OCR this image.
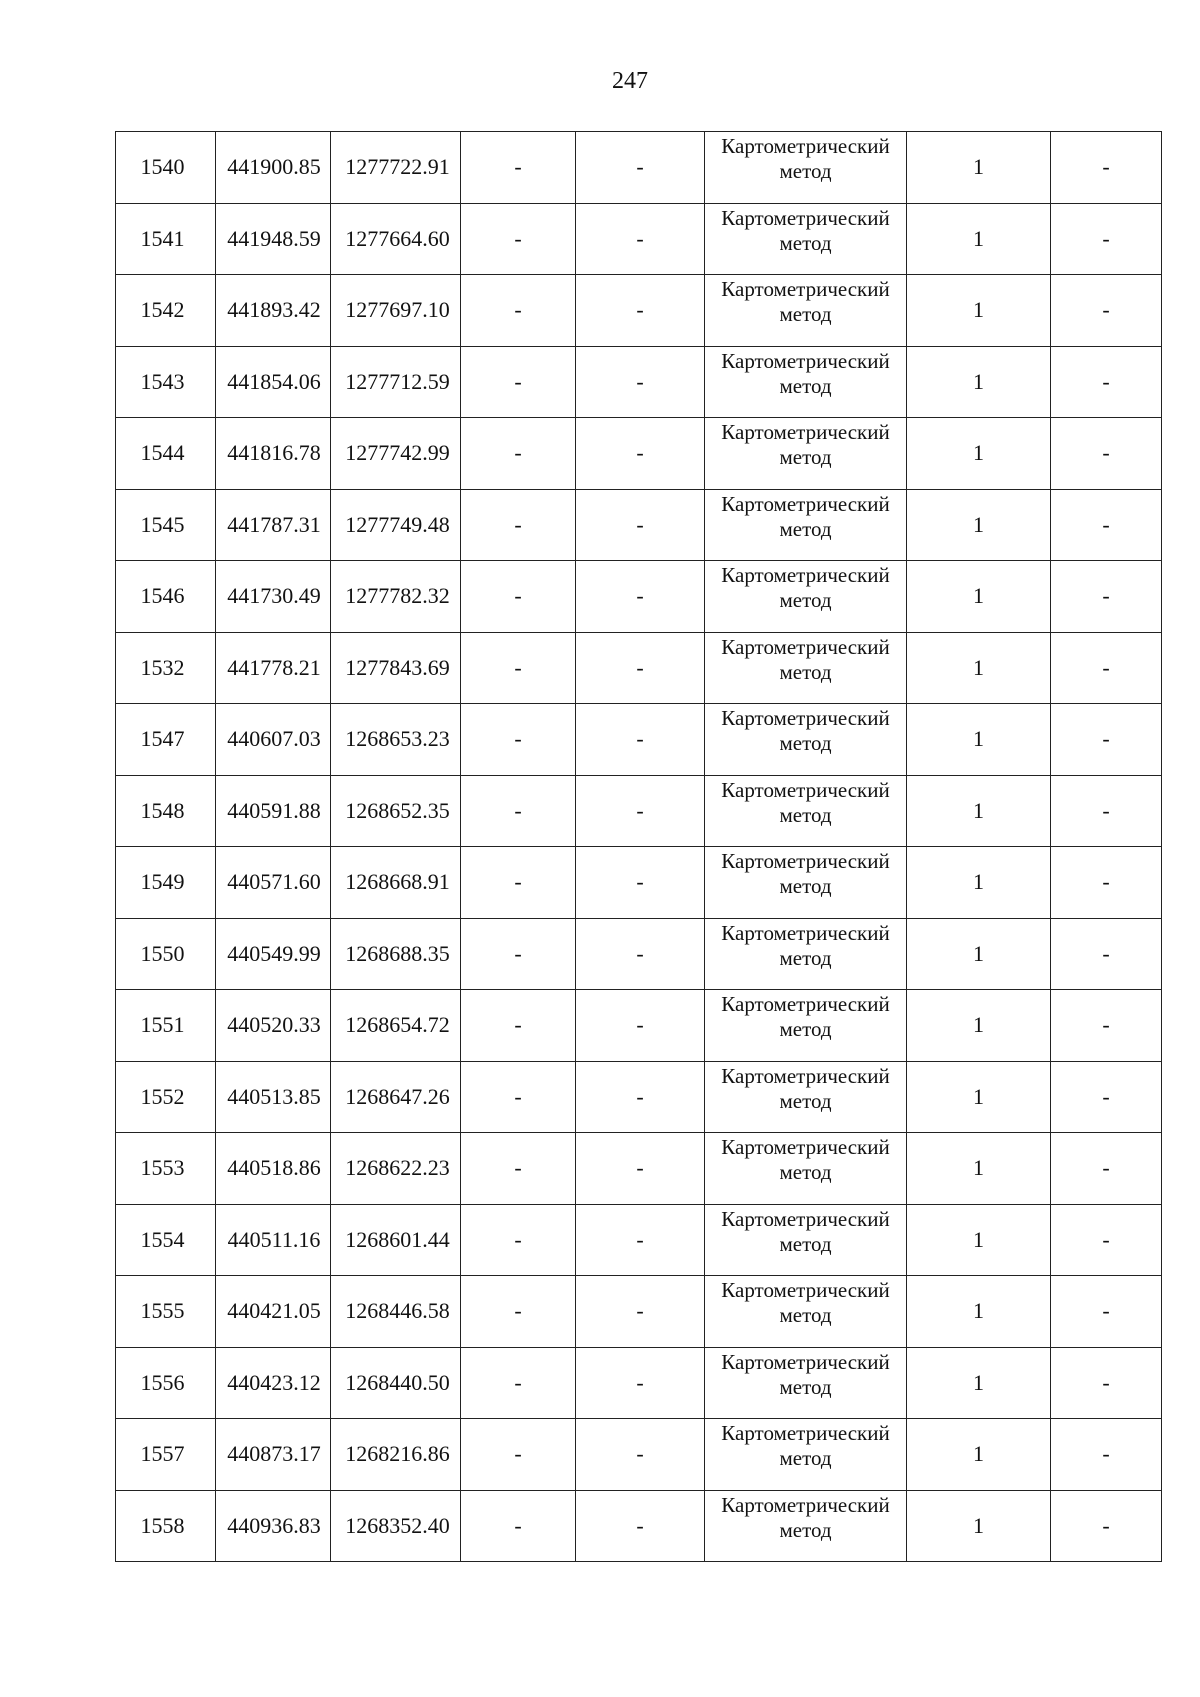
247
1540	441900.85	1277722.91	-	-	Картометрический метод	1	-
1541	441948.59	1277664.60	-	-	Картометрический метод	1	-
1542	441893.42	1277697.10	-	-	Картометрический метод	1	-
1543	441854.06	1277712.59	-	-	Картометрический метод	1	-
1544	441816.78	1277742.99	-	-	Картометрический метод	1	-
1545	441787.31	1277749.48	-	-	Картометрический метод	1	-
1546	441730.49	1277782.32	-	-	Картометрический метод	1	-
1532	441778.21	1277843.69	-	-	Картометрический метод	1	-
1547	440607.03	1268653.23	-	-	Картометрический метод	1	-
1548	440591.88	1268652.35	-	-	Картометрический метод	1	-
1549	440571.60	1268668.91	-	-	Картометрический метод	1	-
1550	440549.99	1268688.35	-	-	Картометрический метод	1	-
1551	440520.33	1268654.72	-	-	Картометрический метод	1	-
1552	440513.85	1268647.26	-	-	Картометрический метод	1	-
1553	440518.86	1268622.23	-	-	Картометрический метод	1	-
1554	440511.16	1268601.44	-	-	Картометрический метод	1	-
1555	440421.05	1268446.58	-	-	Картометрический метод	1	-
1556	440423.12	1268440.50	-	-	Картометрический метод	1	-
1557	440873.17	1268216.86	-	-	Картометрический метод	1	-
1558	440936.83	1268352.40	-	-	Картометрический метод	1	-
